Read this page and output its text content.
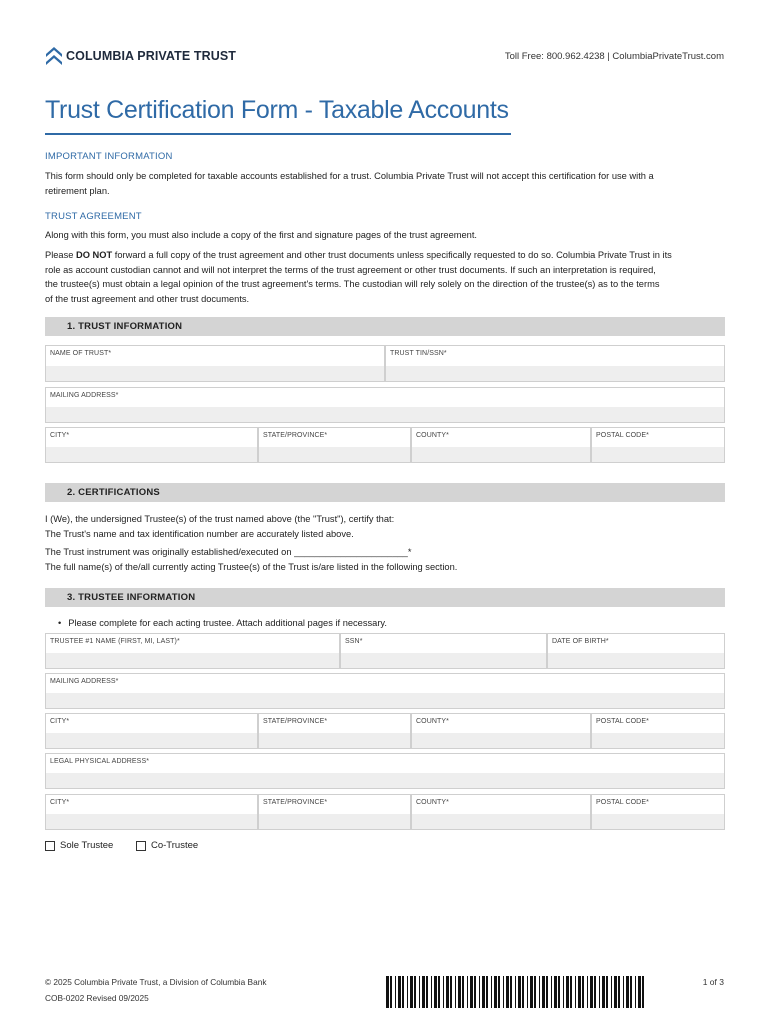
COLUMBIA PRIVATE TRUST	Toll Free: 800.962.4238 | ColumbiaPrivateTrust.com
Trust Certification Form - Taxable Accounts
IMPORTANT INFORMATION
This form should only be completed for taxable accounts established for a trust. Columbia Private Trust will not accept this certification for use with a
retirement plan.
TRUST AGREEMENT
Along with this form, you must also include a copy of the first and signature pages of the trust agreement.
Please DO NOT forward a full copy of the trust agreement and other trust documents unless specifically requested to do so. Columbia Private Trust in its
role as account custodian cannot and will not interpret the terms of the trust agreement or other trust documents. If such an interpretation is required,
the trustee(s) must obtain a legal opinion of the trust agreement's terms. The custodian will rely solely on the direction of the trustee(s) as to the terms
of the trust agreement and other trust documents.
1. TRUST INFORMATION
NAME OF TRUST*	TRUST TIN/SSN*
MAILING ADDRESS*
CITY*	STATE/PROVINCE*	COUNTY*	POSTAL CODE*
2. CERTIFICATIONS
I (We), the undersigned Trustee(s) of the trust named above (the "Trust"), certify that:
The Trust's name and tax identification number are accurately listed above.
The Trust instrument was originally established/executed on ______________________*
The full name(s) of the/all currently acting Trustee(s) of the Trust is/are listed in the following section.
3. TRUSTEE INFORMATION
• Please complete for each acting trustee. Attach additional pages if necessary.
TRUSTEE #1 NAME (FIRST, MI, LAST)*	SSN*	DATE OF BIRTH*
MAILING ADDRESS*
CITY*	STATE/PROVINCE*	COUNTY*	POSTAL CODE*
LEGAL PHYSICAL ADDRESS*
CITY*	STATE/PROVINCE*	COUNTY*	POSTAL CODE*
Sole Trustee	Co-Trustee
© 2025 Columbia Private Trust, a Division of Columbia Bank
COB-0202 Revised 09/2025
1 of 3
